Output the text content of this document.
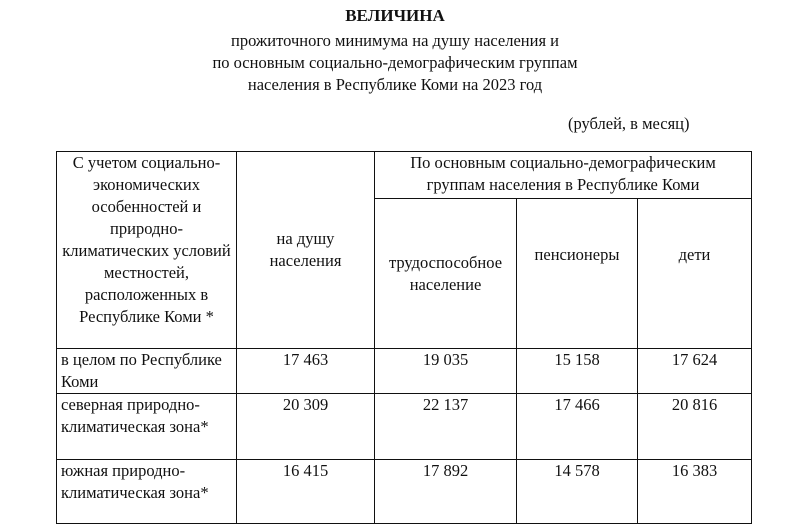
ВЕЛИЧИНА
прожиточного минимума на душу населения и
по основным социально-демографическим группам
населения в Республике Коми на 2023 год
(рублей, в месяц)
С учетом социально-экономических особенностей и природно-климатических условий местностей, расположенных в Республике Коми *	на душу населения	По основным социально-демографическим группам населения в Республике Коми		
		трудоспособное население	пенсионеры	дети
в целом по Республике Коми	17 463	19 035	15 158	17 624
северная природно-климатическая зона*	20 309	22 137	17 466	20 816
южная природно-климатическая зона*	16 415	17 892	14 578	16 383
